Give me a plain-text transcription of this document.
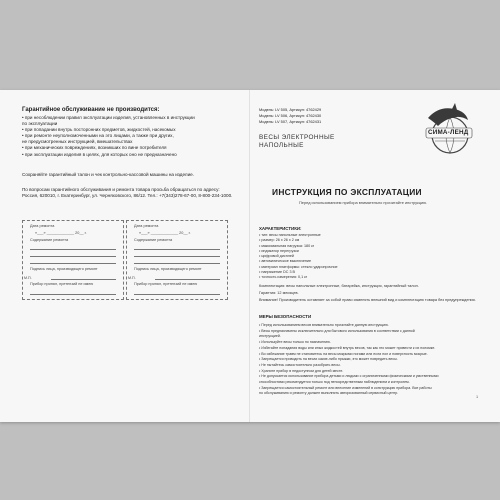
Гарантийное обслуживание не производится:
• при несоблюдении правил эксплуатации изделия, установленных в инструкции
по эксплуатации
• при попадании внутрь посторонних предметов, жидкостей, насекомых
• при ремонте неуполномоченными на это лицами, а также при других,
не предусмотренных инструкцией, вмешательствах
• при механических повреждениях, возникших по вине потребителя
• при эксплуатации изделия в целях, для которых оно не предназначено
Сохраняйте гарантийный талон и чек контрольно-кассовой машины на изделие.
По вопросам гарантийного обслуживания и ремонта товара просьба обращаться по адресу: Россия, 620010, г. Екатеринбург, ул. Черняховского, 86/12. Тел.: +7(343)278-67-00, 8-800-234-1000.
Дата ремонта
«___» _____________ 20__ г.
Содержание ремонта
Подпись лица, производящего ремонт
М.П.
Прибор принял, претензий не имею
Дата ремонта
«___» _____________ 20__ г.
Содержание ремонта
Подпись лица, производящего ремонт
М.П.
Прибор принял, претензий не имею
Модель: LV 505, Артикул: 4762429
Модель: LV 506, Артикул: 4762430
Модель: LV 507, Артикул: 4762431
ВЕСЫ ЭЛЕКТРОННЫЕ
НАПОЛЬНЫЕ
СИМА-ЛЕНД
ИНСТРУКЦИЯ ПО ЭКСПЛУАТАЦИИ
Перед использованием прибора внимательно прочитайте инструкцию.
ХАРАКТЕРИСТИКИ:
• тип: весы напольные электронные
• размер: 26 х 26 х 2 см
• максимальная нагрузка: 180 кг
• индикатор перегрузки
• цифровой дисплей
• автоматическое выключение
• материал платформы: стекло ударопрочное
• напряжение DC 3 В
• точность измерения: 0,1 кг
Комплектация: весы напольные электронные, батарейка, инструкция, гарантийный талон.
Гарантия: 12 месяцев.
Внимание! Производитель оставляет за собой право изменять внешний вид и комплектацию товара без предупреждения.
МЕРЫ БЕЗОПАСНОСТИ
• Перед использованием весов внимательно прочитайте данную инструкцию.
• Весы предназначены исключительно для бытового использования в соответствии с данной
инструкцией.
• Используйте весы только по назначению.
• Избегайте попадания воды или иных жидкостей внутрь весов, так как это может привести к их поломке.
• Во избежание травм не становитесь на весы мокрыми ногами или если пол и поверхность мокрые.
• Запрещается проводить на весах какие-либо прыжки, это может повредить весы.
• Не пытайтесь самостоятельно разобрать весы.
• Храните прибор в недоступном для детей месте.
• Не допускается использование прибора детьми и людьми с ограниченными физическими и умственными
способностями рекомендуется только под непосредственным наблюдением и контролем.
• Запрещается самостоятельный ремонт или внесение изменений в конструкцию прибора. Все работы
по обслуживанию и ремонту должен выполнять авторизованный сервисный центр.
1
